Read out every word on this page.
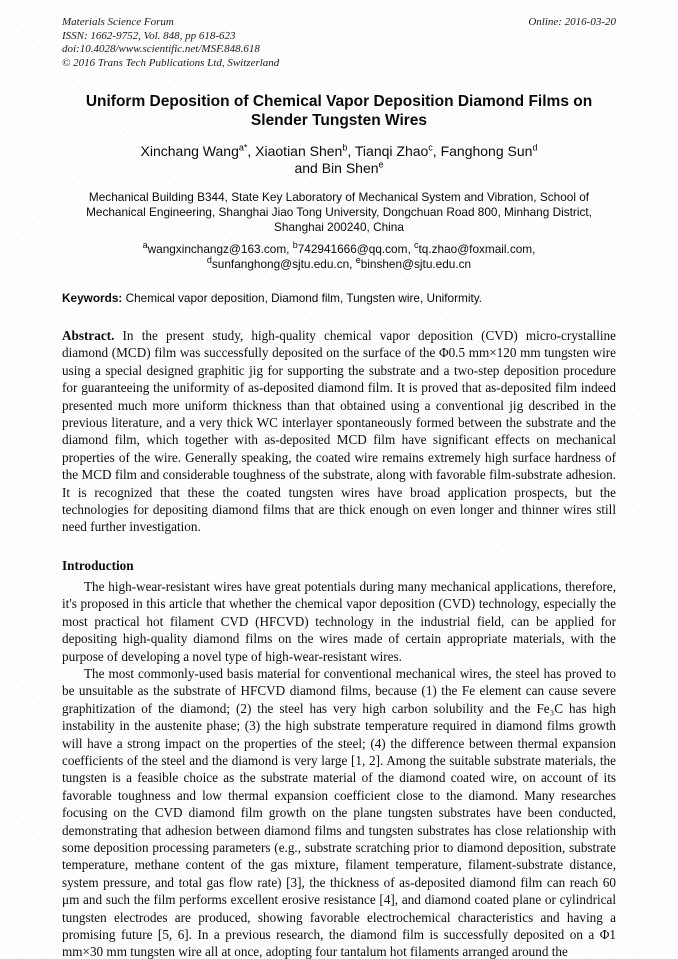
Materials Science Forum
ISSN: 1662-9752, Vol. 848, pp 618-623
doi:10.4028/www.scientific.net/MSF.848.618
© 2016 Trans Tech Publications Ltd, Switzerland
Online: 2016-03-20
Uniform Deposition of Chemical Vapor Deposition Diamond Films on Slender Tungsten Wires
Xinchang Wang$^{a*}$, Xiaotian Shen$^b$, Tianqi Zhao$^c$, Fanghong Sun$^d$
and Bin Shen$^e$
Mechanical Building B344, State Key Laboratory of Mechanical System and Vibration, School of Mechanical Engineering, Shanghai Jiao Tong University, Dongchuan Road 800, Minhang District, Shanghai 200240, China
$^a$wangxinchangz@163.com, $^b$742941666@qq.com, $^c$tq.zhao@foxmail.com,
$^d$sunfanghong@sjtu.edu.cn, $^e$binshen@sjtu.edu.cn
Keywords: Chemical vapor deposition, Diamond film, Tungsten wire, Uniformity.
Abstract. In the present study, high-quality chemical vapor deposition (CVD) micro-crystalline diamond (MCD) film was successfully deposited on the surface of the Φ0.5 mm×120 mm tungsten wire using a special designed graphitic jig for supporting the substrate and a two-step deposition procedure for guaranteeing the uniformity of as-deposited diamond film. It is proved that as-deposited film indeed presented much more uniform thickness than that obtained using a conventional jig described in the previous literature, and a very thick WC interlayer spontaneously formed between the substrate and the diamond film, which together with as-deposited MCD film have significant effects on mechanical properties of the wire. Generally speaking, the coated wire remains extremely high surface hardness of the MCD film and considerable toughness of the substrate, along with favorable film-substrate adhesion. It is recognized that these the coated tungsten wires have broad application prospects, but the technologies for depositing diamond films that are thick enough on even longer and thinner wires still need further investigation.
Introduction

The high-wear-resistant wires have great potentials during many mechanical applications, therefore, it's proposed in this article that whether the chemical vapor deposition (CVD) technology, especially the most practical hot filament CVD (HFCVD) technology in the industrial field, can be applied for depositing high-quality diamond films on the wires made of certain appropriate materials, with the purpose of developing a novel type of high-wear-resistant wires.

The most commonly-used basis material for conventional mechanical wires, the steel has proved to be unsuitable as the substrate of HFCVD diamond films, because (1) the Fe element can cause severe graphitization of the diamond; (2) the steel has very high carbon solubility and the Fe₃C has high instability in the austenite phase; (3) the high substrate temperature required in diamond films growth will have a strong impact on the properties of the steel; (4) the difference between thermal expansion coefficients of the steel and the diamond is very large [1, 2]. Among the suitable substrate materials, the tungsten is a feasible choice as the substrate material of the diamond coated wire, on account of its favorable toughness and low thermal expansion coefficient close to the diamond. Many researches focusing on the CVD diamond film growth on the plane tungsten substrates have been conducted, demonstrating that adhesion between diamond films and tungsten substrates has close relationship with some deposition processing parameters (e.g., substrate scratching prior to diamond deposition, substrate temperature, methane content of the gas mixture, filament temperature, filament-substrate distance, system pressure, and total gas flow rate) [3], the thickness of as-deposited diamond film can reach 60 μm and such the film performs excellent erosive resistance [4], and diamond coated plane or cylindrical tungsten electrodes are produced, showing favorable electrochemical characteristics and having a promising future [5, 6]. In a previous research, the diamond film is successfully deposited on a Φ1 mm×30 mm tungsten wire all at once, adopting four tantalum hot filaments arranged around the
